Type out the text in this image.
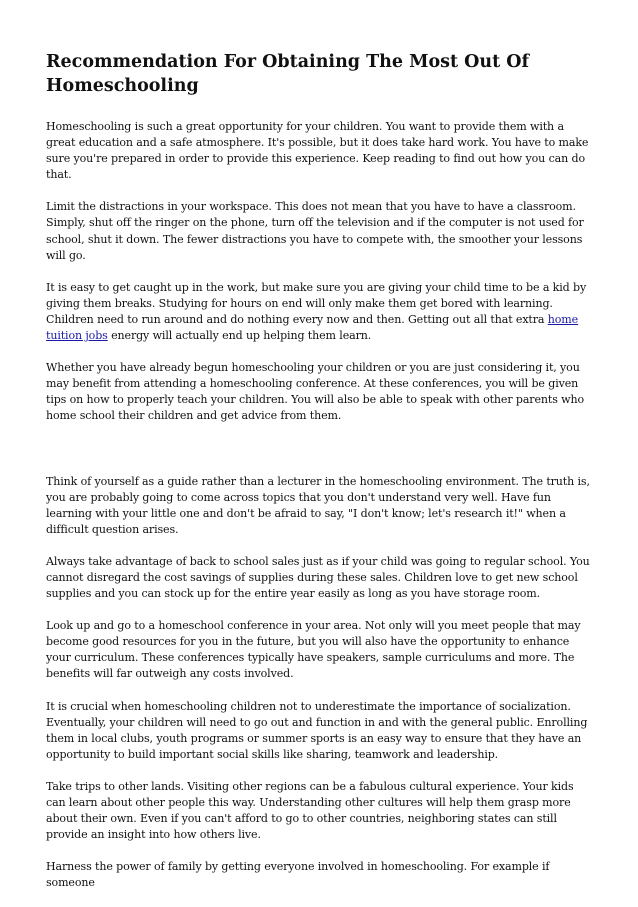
Recommendation For Obtaining The Most Out Of Homeschooling

Homeschooling is such a great opportunity for your children. You want to provide them with a great education and a safe atmosphere. It's possible, but it does take hard work. You have to make sure you're prepared in order to provide this experience. Keep reading to find out how you can do that.

Limit the distractions in your workspace. This does not mean that you have to have a classroom. Simply, shut off the ringer on the phone, turn off the television and if the computer is not used for school, shut it down. The fewer distractions you have to compete with, the smoother your lessons will go.

It is easy to get caught up in the work, but make sure you are giving your child time to be a kid by giving them breaks. Studying for hours on end will only make them get bored with learning. Children need to run around and do nothing every now and then. Getting out all that extra home tuition jobs energy will actually end up helping them learn.

Whether you have already begun homeschooling your children or you are just considering it, you may benefit from attending a homeschooling conference. At these conferences, you will be given tips on how to properly teach your children. You will also be able to speak with other parents who home school their children and get advice from them.

Think of yourself as a guide rather than a lecturer in the homeschooling environment. The truth is, you are probably going to come across topics that you don't understand very well. Have fun learning with your little one and don't be afraid to say, "I don't know; let's research it!" when a difficult question arises.

Always take advantage of back to school sales just as if your child was going to regular school. You cannot disregard the cost savings of supplies during these sales. Children love to get new school supplies and you can stock up for the entire year easily as long as you have storage room.

Look up and go to a homeschool conference in your area. Not only will you meet people that may become good resources for you in the future, but you will also have the opportunity to enhance your curriculum. These conferences typically have speakers, sample curriculums and more. The benefits will far outweigh any costs involved.

It is crucial when homeschooling children not to underestimate the importance of socialization. Eventually, your children will need to go out and function in and with the general public. Enrolling them in local clubs, youth programs or summer sports is an easy way to ensure that they have an opportunity to build important social skills like sharing, teamwork and leadership.

Take trips to other lands. Visiting other regions can be a fabulous cultural experience. Your kids can learn about other people this way. Understanding other cultures will help them grasp more about their own. Even if you can't afford to go to other countries, neighboring states can still provide an insight into how others live.

Harness the power of family by getting everyone involved in homeschooling. For example if someone
